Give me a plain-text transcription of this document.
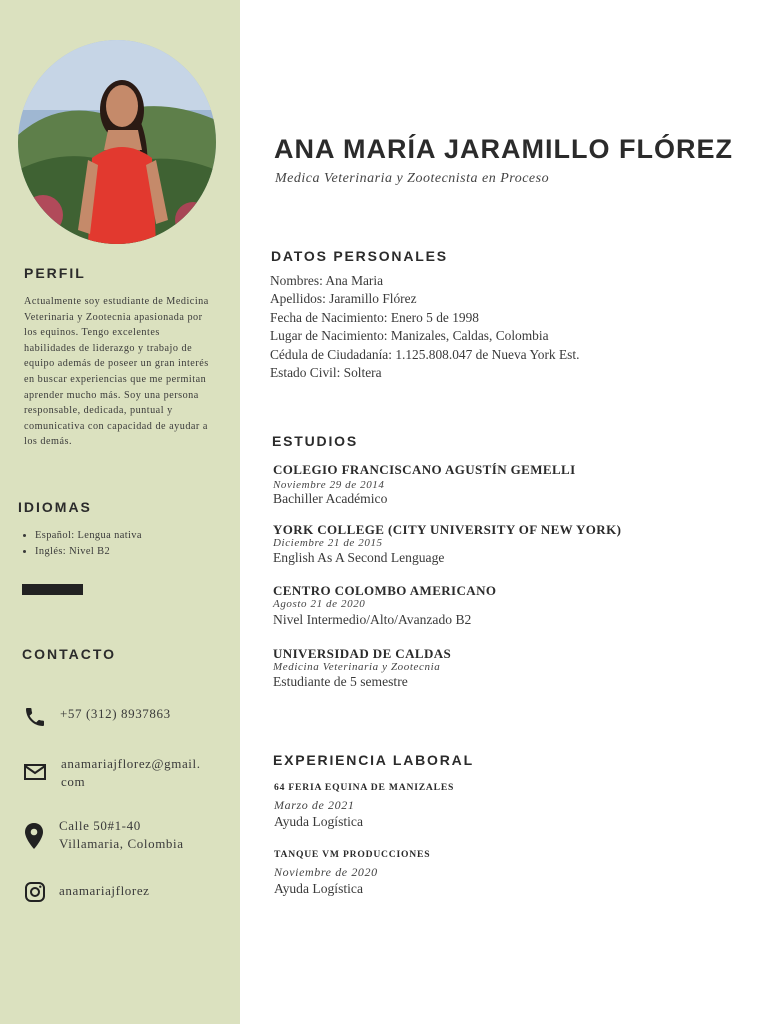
PERFIL

Actualmente soy estudiante de Medicina Veterinaria y Zootecnia apasionada por los equinos. Tengo excelentes habilidades de liderazgo y trabajo de equipo además de poseer un gran interés en buscar experiencias que me permitan aprender mucho más. Soy una persona responsable, dedicada, puntual y comunicativa con capacidad de ayudar a los demás.

IDIOMAS
• Español: Lengua nativa
• Inglés: Nivel B2
CONTACTO

+57 (312) 8937863

anamariajflorez@gmail.
com

Calle 50#1-40
Villamaria, Colombia

anamariajflorez

ANA MARÍA JARAMILLO FLÓREZ

Medica Veterinaria y Zootecnista en Proceso

DATOS PERSONALES
Nombres: Ana Maria
Apellidos: Jaramillo Flórez
Fecha de Nacimiento: Enero 5 de 1998
Lugar de Nacimiento: Manizales, Caldas, Colombia
Cédula de Ciudadanía: 1.125.808.047 de Nueva York Est.
Estado Civil: Soltera
ESTUDIOS

COLEGIO FRANCISCANO AGUSTÍN GEMELLI

Noviembre 29 de 2014

Bachiller Académico

YORK COLLEGE (CITY UNIVERSITY OF NEW YORK)

Diciembre 21 de 2015

English As A Second Lenguage

CENTRO COLOMBO AMERICANO

Agosto 21 de 2020

Nivel Intermedio/Alto/Avanzado B2

UNIVERSIDAD DE CALDAS

Medicina Veterinaria y Zootecnia

Estudiante de 5 semestre

EXPERIENCIA LABORAL

64 FERIA EQUINA DE MANIZALES

Marzo de 2021

Ayuda Logística

TANQUE VM PRODUCCIONES

Noviembre de 2020

Ayuda Logística
